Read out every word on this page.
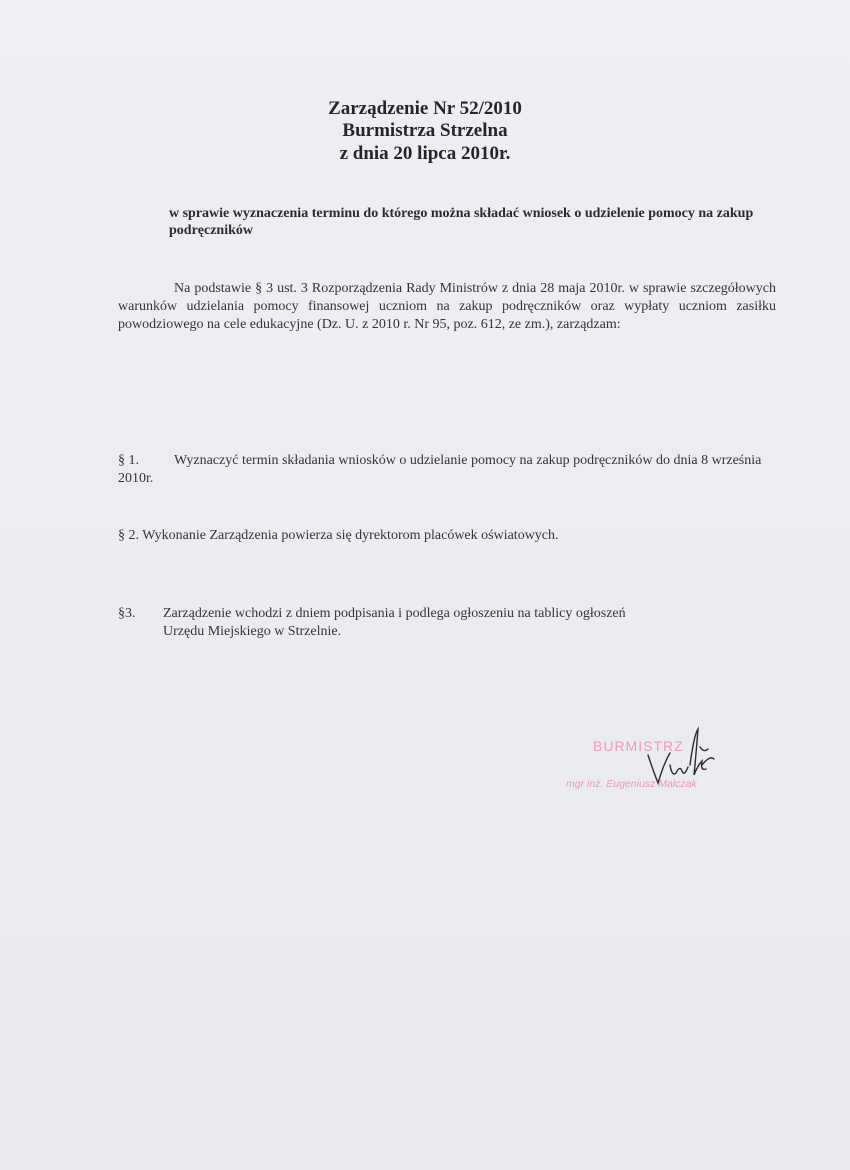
Zarządzenie Nr 52/2010
Burmistrza Strzelna
z dnia 20 lipca 2010r.
w sprawie wyznaczenia terminu do którego można składać wniosek o udzielenie pomocy na zakup podręczników
Na podstawie § 3 ust. 3 Rozporządzenia Rady Ministrów z dnia 28 maja 2010r. w sprawie szczegółowych warunków udzielania pomocy finansowej uczniom na zakup podręczników oraz wypłaty uczniom zasiłku powodziowego na cele edukacyjne (Dz. U. z 2010 r. Nr 95, poz. 612, ze zm.), zarządzam:
§ 1.	Wyznaczyć termin składania wniosków o udzielanie pomocy na zakup podręczników do dnia 8 września 2010r.
§ 2. Wykonanie Zarządzenia powierza się dyrektorom placówek oświatowych.
§3. Zarządzenie wchodzi z dniem podpisania i podlega ogłoszeniu na tablicy ogłoszeń
Urzędu Miejskiego w Strzelnie.
BURMISTRZ
mgr inż. Eugeniusz Malczak
